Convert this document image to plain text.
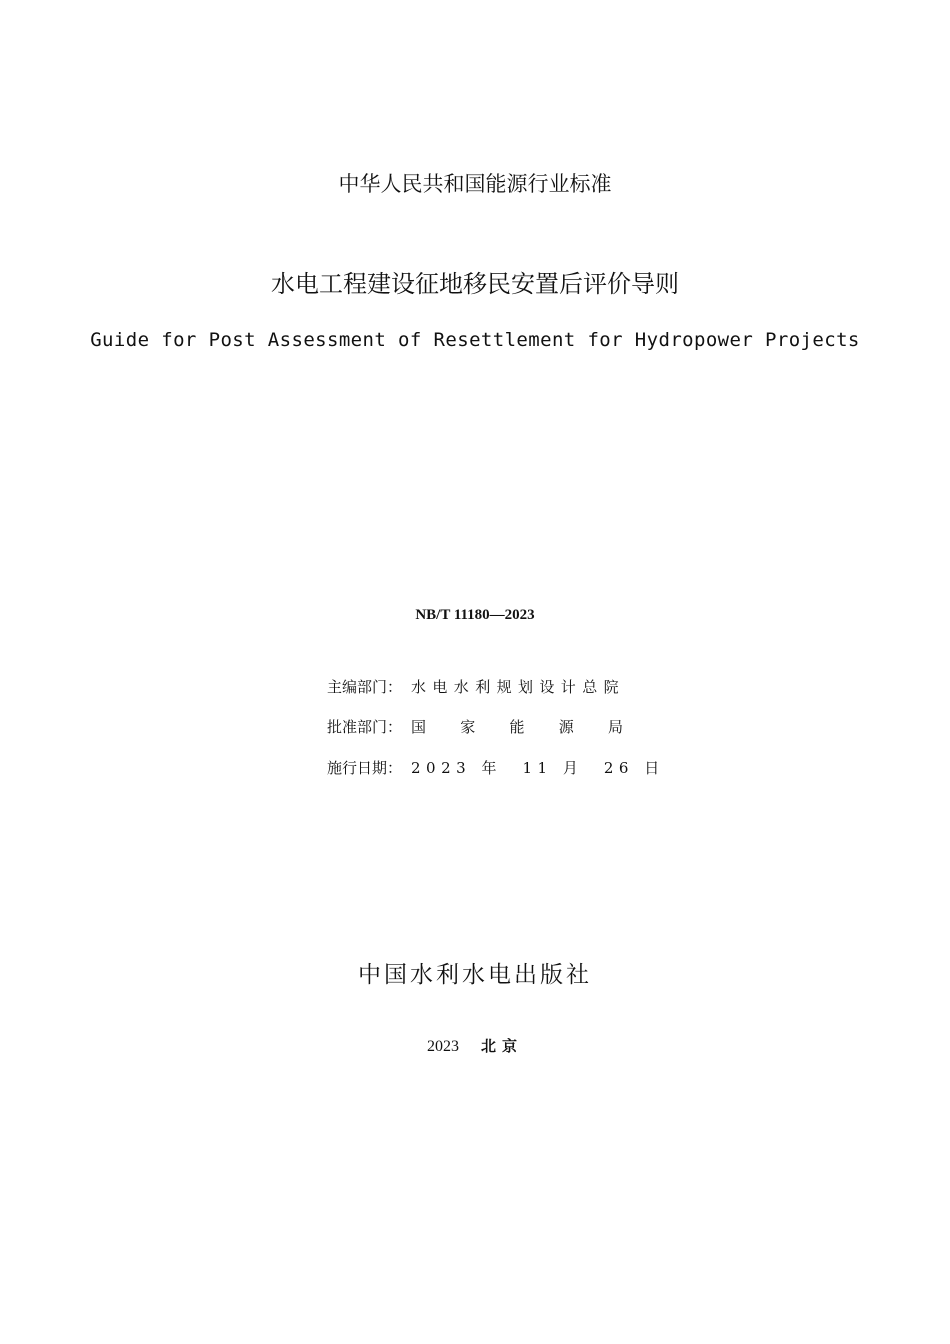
中华人民共和国能源行业标准
水电工程建设征地移民安置后评价导则
Guide for Post Assessment of Resettlement for Hydropower Projects
NB/T 11180—2023
主编部门： 水电水利规划设计总院
批准部门： 国 家 能 源 局
施行日期： 2023 年  11 月  26 日
中国水利水电出版社
2023 北京
